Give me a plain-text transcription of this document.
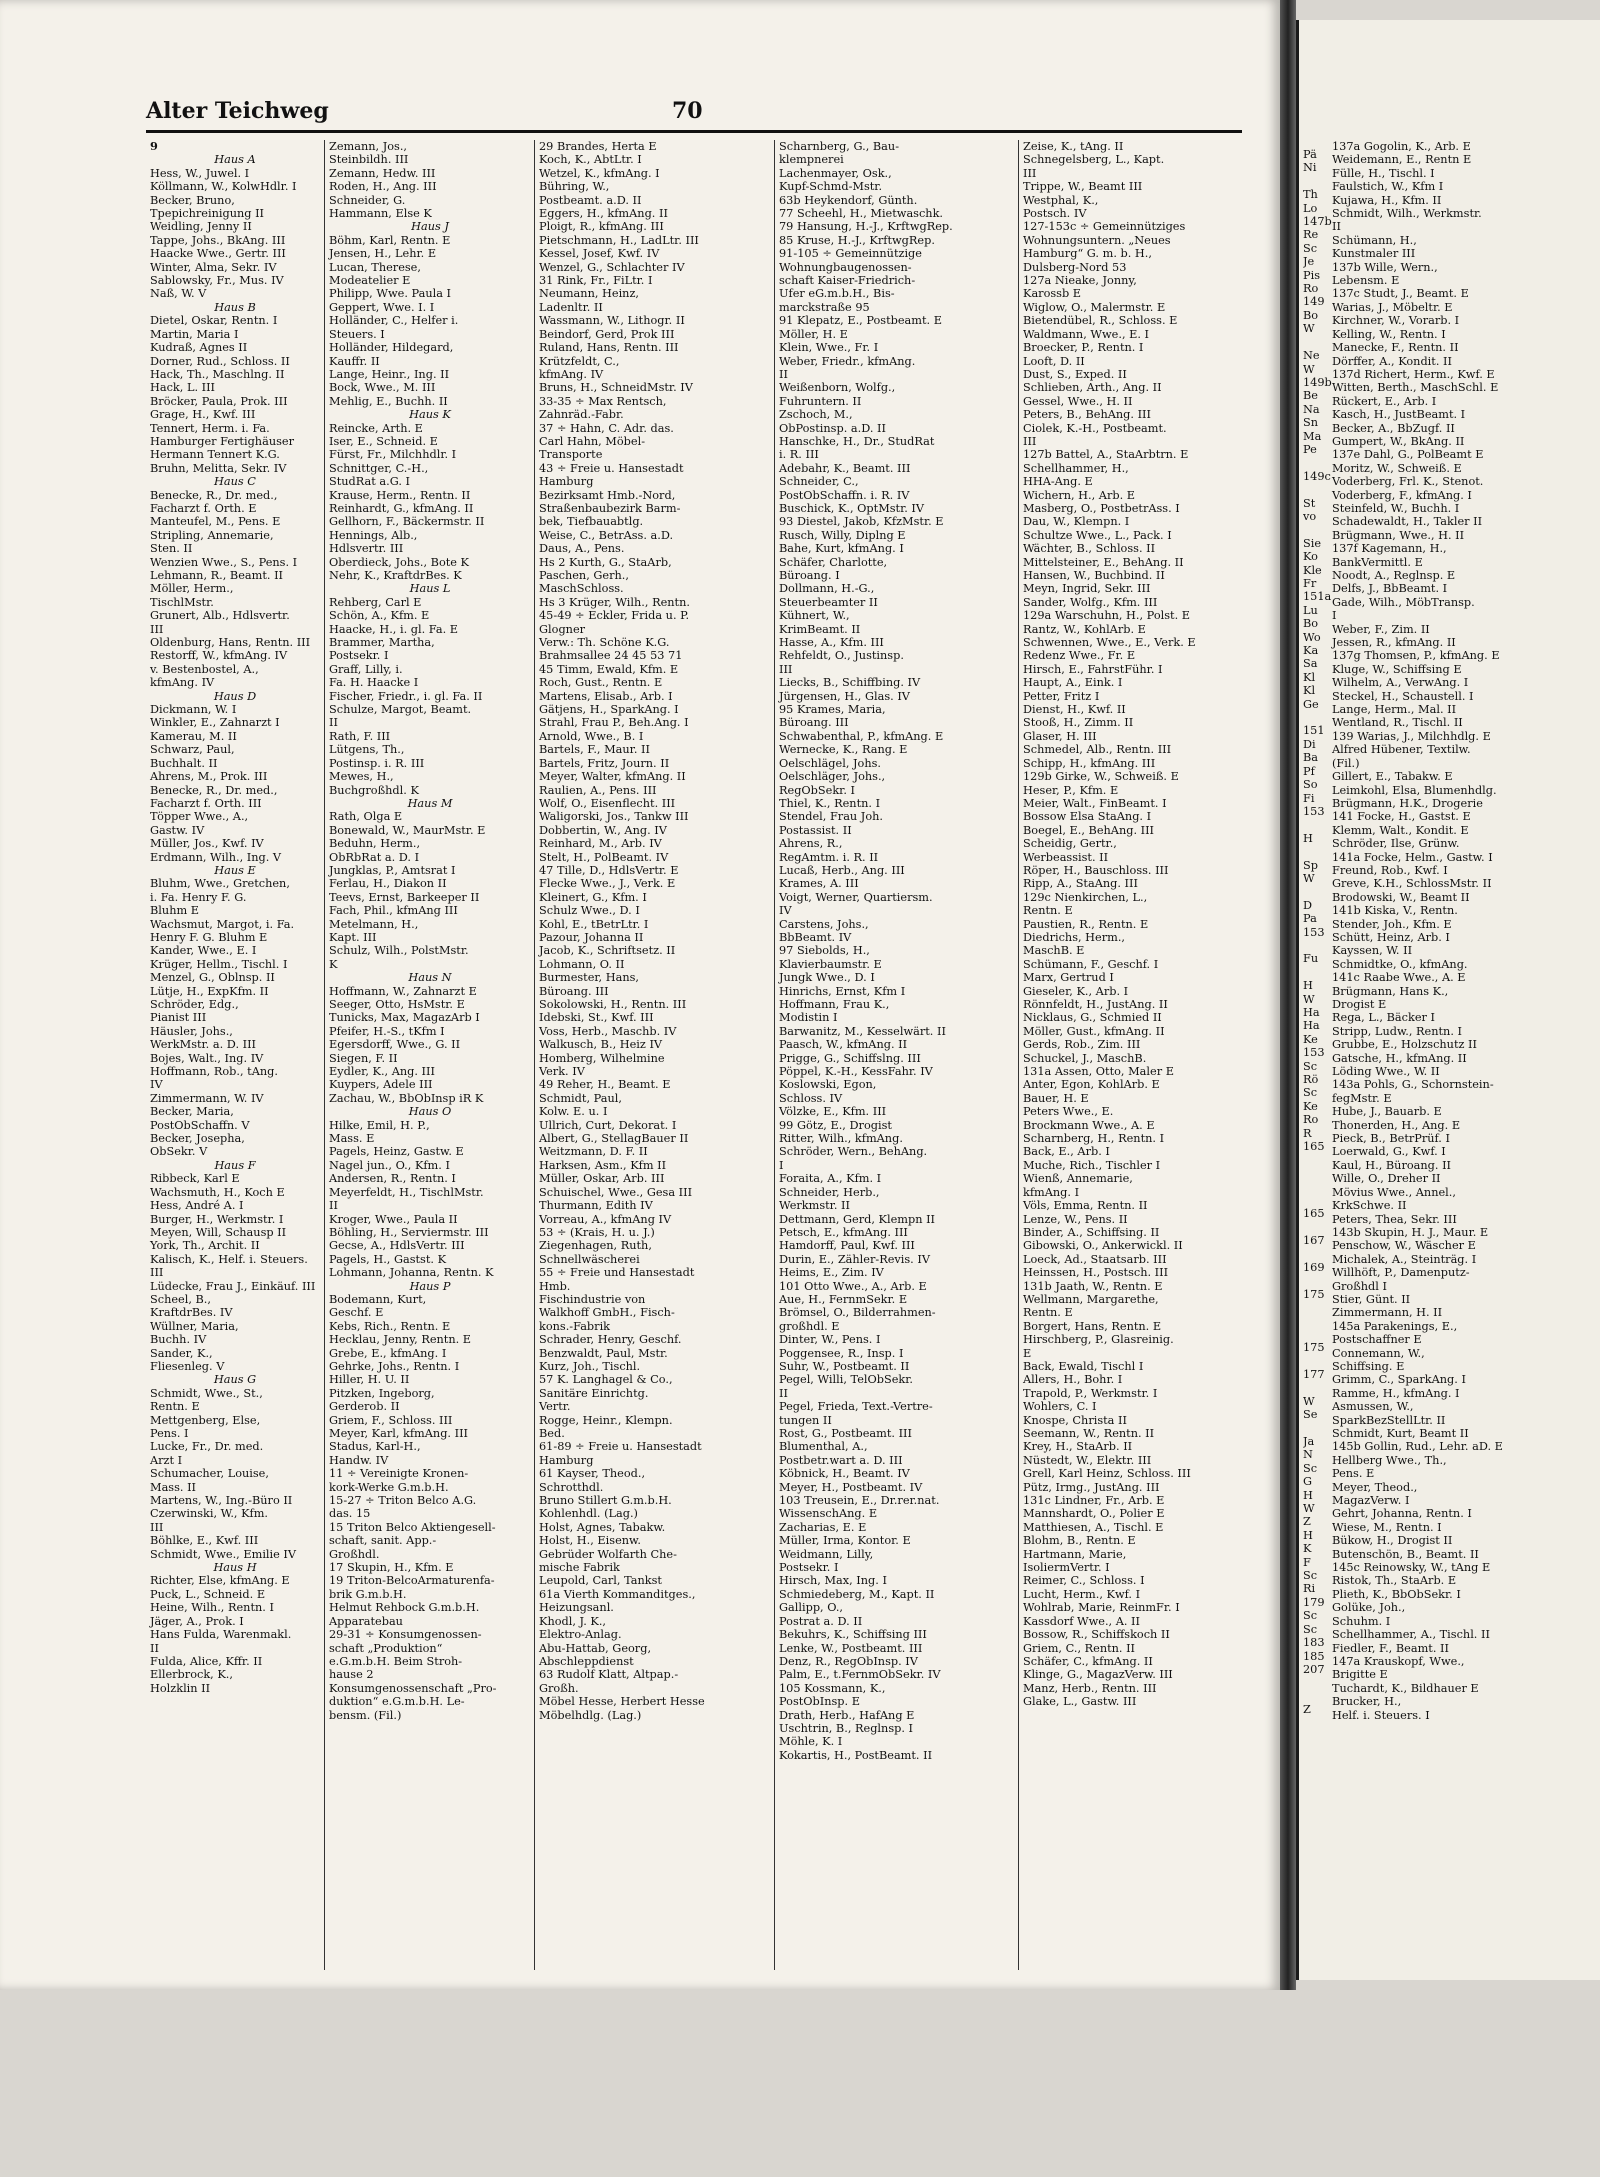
Pä
Ni

Th
Lo
147b
Re
Sc
Je
Pis
Ro
149
Bo
W

Ne
W
149b
Be
Na
Sn
Ma
Pe

149c

St
vo

Sie
Ko
Kle
Fr
151a
Lu
Bo
Wo
Ka
Sa
Kl
Kl
Ge

151
Di
Ba
Pf
So
Fi
153

H

Sp
W

D
Pa
153

Fu

H
W
Ha
Ha
Ke
153
Sc
Rö
Sc
Ke
Ro
R
165

165

167

169

175

175

177

W
Se

Ja
N
Sc
G
H
W
Z
H
K
F
Sc
Ri
179
Sc
Sc
183
185
207

Z
Alter Teichweg	70
9
Haus A
Hess, W., Juwel. I
Köllmann, W., KolwHdlr. I
Becker, Bruno,
Tpepichreinigung II
Weidling, Jenny II
Tappe, Johs., BkAng. III
Haacke Wwe., Gertr. III
Winter, Alma, Sekr. IV
Sablowsky, Fr., Mus. IV
Naß, W. V
Haus B
Dietel, Oskar, Rentn. I
Martin, Maria I
Kudraß, Agnes II
Dorner, Rud., Schloss. II
Hack, Th., Maschlng. II
Hack, L. III
Bröcker, Paula, Prok. III
Grage, H., Kwf. III
Tennert, Herm. i. Fa.
Hamburger Fertighäuser
Hermann Tennert K.G.
Bruhn, Melitta, Sekr. IV
Haus C
Benecke, R., Dr. med.,
Facharzt f. Orth. E
Manteufel, M., Pens. E
Stripling, Annemarie,
Sten. II
Wenzien Wwe., S., Pens. I
Lehmann, R., Beamt. II
Möller, Herm.,
TischlMstr.
Grunert, Alb., Hdlsvertr.
III
Oldenburg, Hans, Rentn. III
Restorff, W., kfmAng. IV
v. Bestenbostel, A.,
kfmAng. IV
Haus D
Dickmann, W. I
Winkler, E., Zahnarzt I
Kamerau, M. II
Schwarz, Paul,
Buchhalt. II
Ahrens, M., Prok. III
Benecke, R., Dr. med.,
Facharzt f. Orth. III
Töpper Wwe., A.,
Gastw. IV
Müller, Jos., Kwf. IV
Erdmann, Wilh., Ing. V
Haus E
Bluhm, Wwe., Gretchen,
i. Fa. Henry F. G.
Bluhm E
Wachsmut, Margot, i. Fa.
Henry F. G. Bluhm E
Kander, Wwe., E. I
Krüger, Hellm., Tischl. I
Menzel, G., Oblnsp. II
Lütje, H., ExpKfm. II
Schröder, Edg.,
Pianist III
Häusler, Johs.,
WerkMstr. a. D. III
Bojes, Walt., Ing. IV
Hoffmann, Rob., tAng.
IV
Zimmermann, W. IV
Becker, Maria,
PostObSchaffn. V
Becker, Josepha,
ObSekr. V
Haus F
Ribbeck, Karl E
Wachsmuth, H., Koch E
Hess, André A. I
Burger, H., Werkmstr. I
Meyen, Will, Schausp II
York, Th., Archit. II
Kalisch, K., Helf. i. Steuers.
III
Lüdecke, Frau J., Einkäuf. III
Scheel, B.,
KraftdrBes. IV
Wüllner, Maria,
Buchh. IV
Sander, K.,
Fliesenleg. V
Haus G
Schmidt, Wwe., St.,
Rentn. E
Mettgenberg, Else,
Pens. I
Lucke, Fr., Dr. med.
Arzt I
Schumacher, Louise,
Mass. II
Martens, W., Ing.-Büro II
Czerwinski, W., Kfm.
III
Böhlke, E., Kwf. III
Schmidt, Wwe., Emilie IV
Haus H
Richter, Else, kfmAng. E
Puck, L., Schneid. E
Heine, Wilh., Rentn. I
Jäger, A., Prok. I
Hans Fulda, Warenmakl.
II
Fulda, Alice, Kffr. II
Ellerbrock, K.,
Holzklin II
Zemann, Jos.,
Steinbildh. III
Zemann, Hedw. III
Roden, H., Ang. III
Schneider, G.
Hammann, Else K
Haus J
Böhm, Karl, Rentn. E
Jensen, H., Lehr. E
Lucan, Therese,
Modeatelier E
Philipp, Wwe. Paula I
Geppert, Wwe. I. I
Holländer, C., Helfer i.
Steuers. I
Holländer, Hildegard,
Kauffr. II
Lange, Heinr., Ing. II
Bock, Wwe., M. III
Mehlig, E., Buchh. II
Haus K
Reincke, Arth. E
Iser, E., Schneid. E
Fürst, Fr., Milchhdlr. I
Schnittger, C.-H.,
StudRat a.G. I
Krause, Herm., Rentn. II
Reinhardt, G., kfmAng. II
Gellhorn, F., Bäckermstr. II
Hennings, Alb.,
Hdlsvertr. III
Oberdieck, Johs., Bote K
Nehr, K., KraftdrBes. K
Haus L
Rehberg, Carl E
Schön, A., Kfm. E
Haacke, H., i. gl. Fa. E
Brammer, Martha,
Postsekr. I
Graff, Lilly, i.
Fa. H. Haacke I
Fischer, Friedr., i. gl. Fa. II
Schulze, Margot, Beamt.
II
Rath, F. III
Lütgens, Th.,
Postinsp. i. R. III
Mewes, H.,
Buchgroßhdl. K
Haus M
Rath, Olga E
Bonewald, W., MaurMstr. E
Beduhn, Herm.,
ObRbRat a. D. I
Jungklas, P., Amtsrat I
Ferlau, H., Diakon II
Teevs, Ernst, Barkeeper II
Fach, Phil., kfmAng III
Metelmann, H.,
Kapt. III
Schulz, Wilh., PolstMstr.
K
Haus N
Hoffmann, W., Zahnarzt E
Seeger, Otto, HsMstr. E
Tunicks, Max, MagazArb I
Pfeifer, H.-S., tKfm I
Egersdorff, Wwe., G. II
Siegen, F. II
Eydler, K., Ang. III
Kuypers, Adele III
Zachau, W., BbObInsp iR K
Haus O
Hilke, Emil, H. P.,
Mass. E
Pagels, Heinz, Gastw. E
Nagel jun., O., Kfm. I
Andersen, R., Rentn. I
Meyerfeldt, H., TischlMstr.
II
Kroger, Wwe., Paula II
Böhling, H., Serviermstr. III
Gecse, A., HdlsVertr. III
Pagels, H., Gastst. K
Lohmann, Johanna, Rentn. K
Haus P
Bodemann, Kurt,
Geschf. E
Kebs, Rich., Rentn. E
Hecklau, Jenny, Rentn. E
Grebe, E., kfmAng. I
Gehrke, Johs., Rentn. I
Hiller, H. U. II
Pitzken, Ingeborg,
Gerderob. II
Griem, F., Schloss. III
Meyer, Karl, kfmAng. III
Stadus, Karl-H.,
Handw. IV
11 ÷ Vereinigte Kronen-
kork-Werke G.m.b.H.
15-27 ÷ Triton Belco A.G.
das. 15
15 Triton Belco Aktiengesell-
schaft, sanit. App.-
Großhdl.
17 Skupin, H., Kfm. E
19 Triton-BelcoArmaturenfa-
brik G.m.b.H.
Helmut Rehbock G.m.b.H.
Apparatebau
29-31 ÷ Konsumgenossen-
schaft „Produktion“
e.G.m.b.H. Beim Stroh-
hause 2
Konsumgenossenschaft „Pro-
duktion“ e.G.m.b.H. Le-
bensm. (Fil.)
29 Brandes, Herta E
Koch, K., AbtLtr. I
Wetzel, K., kfmAng. I
Bühring, W.,
Postbeamt. a.D. II
Eggers, H., kfmAng. II
Ploigt, R., kfmAng. III
Pietschmann, H., LadLtr. III
Kessel, Josef, Kwf. IV
Wenzel, G., Schlachter IV
31 Rink, Fr., FiLtr. I
Neumann, Heinz,
Ladenltr. II
Wassmann, W., Lithogr. II
Beindorf, Gerd, Prok III
Ruland, Hans, Rentn. III
Krützfeldt, C.,
kfmAng. IV
Bruns, H., SchneidMstr. IV
33-35 ÷ Max Rentsch,
Zahnräd.-Fabr.
37 ÷ Hahn, C. Adr. das.
Carl Hahn, Möbel-
Transporte
43 ÷ Freie u. Hansestadt
Hamburg
Bezirksamt Hmb.-Nord,
Straßenbaubezirk Barm-
bek, Tiefbauabtlg.
Weise, C., BetrAss. a.D.
Daus, A., Pens.
Hs 2 Kurth, G., StaArb,
Paschen, Gerh.,
MaschSchloss.
Hs 3 Krüger, Wilh., Rentn.
45-49 ÷ Eckler, Frida u. P.
Glogner
Verw.: Th. Schöne K.G.
Brahmsallee 24 45 53 71
45 Timm, Ewald, Kfm. E
Roch, Gust., Rentn. E
Martens, Elisab., Arb. I
Gätjens, H., SparkAng. I
Strahl, Frau P., Beh.Ang. I
Arnold, Wwe., B. I
Bartels, F., Maur. II
Bartels, Fritz, Journ. II
Meyer, Walter, kfmAng. II
Raulien, A., Pens. III
Wolf, O., Eisenflecht. III
Waligorski, Jos., Tankw III
Dobbertin, W., Ang. IV
Reinhard, M., Arb. IV
Stelt, H., PolBeamt. IV
47 Tille, D., HdlsVertr. E
Flecke Wwe., J., Verk. E
Kleinert, G., Kfm. I
Schulz Wwe., D. I
Kohl, E., tBetrLtr. I
Pazour, Johanna II
Jacob, K., Schriftsetz. II
Lohmann, O. II
Burmester, Hans,
Büroang. III
Sokolowski, H., Rentn. III
Idebski, St., Kwf. III
Voss, Herb., Maschb. IV
Walkusch, B., Heiz IV
Homberg, Wilhelmine
Verk. IV
49 Reher, H., Beamt. E
Schmidt, Paul,
Kolw. E. u. I
Ullrich, Curt, Dekorat. I
Albert, G., StellagBauer II
Weitzmann, D. F. II
Harksen, Asm., Kfm II
Müller, Oskar, Arb. III
Schuischel, Wwe., Gesa III
Thurmann, Edith IV
Vorreau, A., kfmAng IV
53 ÷ (Krais, H. u. J.)
Ziegenhagen, Ruth,
Schnellwäscherei
55 ÷ Freie und Hansestadt
Hmb.
Fischindustrie von
Walkhoff GmbH., Fisch-
kons.-Fabrik
Schrader, Henry, Geschf.
Benzwaldt, Paul, Mstr.
Kurz, Joh., Tischl.
57 K. Langhagel & Co.,
Sanitäre Einrichtg.
Vertr.
Rogge, Heinr., Klempn.
Bed.
61-89 ÷ Freie u. Hansestadt
Hamburg
61 Kayser, Theod.,
Schrotthdl.
Bruno Stillert G.m.b.H.
Kohlenhdl. (Lag.)
Holst, Agnes, Tabakw.
Holst, H., Eisenw.
Gebrüder Wolfarth Che-
mische Fabrik
Leupold, Carl, Tankst
61a Vierth Kommanditges.,
Heizungsanl.
Khodl, J. K.,
Elektro-Anlag.
Abu-Hattab, Georg,
Abschleppdienst
63 Rudolf Klatt, Altpap.-
Großh.
Möbel Hesse, Herbert Hesse
Möbelhdlg. (Lag.)
Scharnberg, G., Bau-
klempnerei
Lachenmayer, Osk.,
Kupf-Schmd-Mstr.
63b Heykendorf, Günth.
77 Scheehl, H., Mietwaschk.
79 Hansung, H.-J., KrftwgRep.
85 Kruse, H.-J., KrftwgRep.
91-105 ÷ Gemeinnützige
Wohnungbaugenossen-
schaft Kaiser-Friedrich-
Ufer eG.m.b.H., Bis-
marckstraße 95
91 Klepatz, E., Postbeamt. E
Möller, H. E
Klein, Wwe., Fr. I
Weber, Friedr., kfmAng.
II
Weißenborn, Wolfg.,
Fuhruntern. II
Zschoch, M.,
ObPostinsp. a.D. II
Hanschke, H., Dr., StudRat
i. R. III
Adebahr, K., Beamt. III
Schneider, C.,
PostObSchaffn. i. R. IV
Buschick, K., OptMstr. IV
93 Diestel, Jakob, KfzMstr. E
Rusch, Willy, Diplng E
Bahe, Kurt, kfmAng. I
Schäfer, Charlotte,
Büroang. I
Dollmann, H.-G.,
Steuerbeamter II
Kühnert, W.,
KrimBeamt. II
Hasse, A., Kfm. III
Rehfeldt, O., Justinsp.
III
Liecks, B., Schiffbing. IV
Jürgensen, H., Glas. IV
95 Krames, Maria,
Büroang. III
Schwabenthal, P., kfmAng. E
Wernecke, K., Rang. E
Oelschlägel, Johs.
Oelschläger, Johs.,
RegObSekr. I
Thiel, K., Rentn. I
Stendel, Frau Joh.
Postassist. II
Ahrens, R.,
RegAmtm. i. R. II
Lucaß, Herb., Ang. III
Krames, A. III
Voigt, Werner, Quartiersm.
IV
Carstens, Johs.,
BbBeamt. IV
97 Siebolds, H.,
Klavierbaumstr. E
Jungk Wwe., D. I
Hinrichs, Ernst, Kfm I
Hoffmann, Frau K.,
Modistin I
Barwanitz, M., Kesselwärt. II
Paasch, W., kfmAng. II
Prigge, G., Schiffslng. III
Pöppel, K.-H., KessFahr. IV
Koslowski, Egon,
Schloss. IV
Völzke, E., Kfm. III
99 Götz, E., Drogist
Ritter, Wilh., kfmAng.
Schröder, Wern., BehAng.
I
Foraita, A., Kfm. I
Schneider, Herb.,
Werkmstr. II
Dettmann, Gerd, Klempn II
Petsch, E., kfmAng. III
Hamdorff, Paul, Kwf. III
Durin, E., Zähler-Revis. IV
Heims, E., Zim. IV
101 Otto Wwe., A., Arb. E
Aue, H., FernmSekr. E
Brömsel, O., Bilderrahmen-
großhdl. E
Dinter, W., Pens. I
Poggensee, R., Insp. I
Suhr, W., Postbeamt. II
Pegel, Willi, TelObSekr.
II
Pegel, Frieda, Text.-Vertre-
tungen II
Rost, G., Postbeamt. III
Blumenthal, A.,
Postbetr.wart a. D. III
Köbnick, H., Beamt. IV
Meyer, H., Postbeamt. IV
103 Treusein, E., Dr.rer.nat.
WissenschAng. E
Zacharias, E. E
Müller, Irma, Kontor. E
Weidmann, Lilly,
Postsekr. I
Hirsch, Max, Ing. I
Schmiedeberg, M., Kapt. II
Gallipp, O.,
Postrat a. D. II
Bekuhrs, K., Schiffsing III
Lenke, W., Postbeamt. III
Denz, R., RegObInsp. IV
Palm, E., t.FernmObSekr. IV
105 Kossmann, K.,
PostObInsp. E
Drath, Herb., HafAng E
Uschtrin, B., Reglnsp. I
Möhle, K. I
Kokartis, H., PostBeamt. II
Zeise, K., tAng. II
Schnegelsberg, L., Kapt.
III
Trippe, W., Beamt III
Westphal, K.,
Postsch. IV
127-153c ÷ Gemeinnütziges
Wohnungsuntern. „Neues
Hamburg“ G. m. b. H.,
Dulsberg-Nord 53
127a Nieake, Jonny,
Karossb E
Wiglow, O., Malermstr. E
Bietendübel, R., Schloss. E
Waldmann, Wwe., E. I
Broecker, P., Rentn. I
Looft, D. II
Dust, S., Exped. II
Schlieben, Arth., Ang. II
Gessel, Wwe., H. II
Peters, B., BehAng. III
Ciolek, K.-H., Postbeamt.
III
127b Battel, A., StaArbtrn. E
Schellhammer, H.,
HHA-Ang. E
Wichern, H., Arb. E
Masberg, O., PostbetrAss. I
Dau, W., Klempn. I
Schultze Wwe., L., Pack. I
Wächter, B., Schloss. II
Mittelsteiner, E., BehAng. II
Hansen, W., Buchbind. II
Meyn, Ingrid, Sekr. III
Sander, Wolfg., Kfm. III
129a Warschuhn, H., Polst. E
Rantz, W., KohlArb. E
Schwennen, Wwe., E., Verk. E
Redenz Wwe., Fr. E
Hirsch, E., FahrstFühr. I
Haupt, A., Eink. I
Petter, Fritz I
Dienst, H., Kwf. II
Stooß, H., Zimm. II
Glaser, H. III
Schmedel, Alb., Rentn. III
Schipp, H., kfmAng. III
129b Girke, W., Schweiß. E
Heser, P., Kfm. E
Meier, Walt., FinBeamt. I
Bossow Elsa StaAng. I
Boegel, E., BehAng. III
Scheidig, Gertr.,
Werbeassist. II
Röper, H., Bauschloss. III
Ripp, A., StaAng. III
129c Nienkirchen, L.,
Rentn. E
Paustien, R., Rentn. E
Diedrichs, Herm.,
MaschB. E
Schümann, F., Geschf. I
Marx, Gertrud I
Gieseler, K., Arb. I
Rönnfeldt, H., JustAng. II
Nicklaus, G., Schmied II
Möller, Gust., kfmAng. II
Gerds, Rob., Zim. III
Schuckel, J., MaschB.
131a Assen, Otto, Maler E
Anter, Egon, KohlArb. E
Bauer, H. E
Peters Wwe., E.
Brockmann Wwe., A. E
Scharnberg, H., Rentn. I
Back, E., Arb. I
Muche, Rich., Tischler I
Wienß, Annemarie,
kfmAng. I
Völs, Emma, Rentn. II
Lenze, W., Pens. II
Binder, A., Schiffsing. II
Gibowski, O., Ankerwickl. II
Loeck, Ad., Staatsarb. III
Heinssen, H., Postsch. III
131b Jaath, W., Rentn. E
Wellmann, Margarethe,
Rentn. E
Borgert, Hans, Rentn. E
Hirschberg, P., Glasreinig.
E
Back, Ewald, Tischl I
Allers, H., Bohr. I
Trapold, P., Werkmstr. I
Wohlers, C. I
Knospe, Christa II
Seemann, W., Rentn. II
Krey, H., StaArb. II
Nüstedt, W., Elektr. III
Grell, Karl Heinz, Schloss. III
Pütz, Irmg., JustAng. III
131c Lindner, Fr., Arb. E
Mannshardt, O., Polier E
Matthiesen, A., Tischl. E
Blohm, B., Rentn. E
Hartmann, Marie,
IsoliermVertr. I
Reimer, C., Schloss. I
Lucht, Herm., Kwf. I
Wohlrab, Marie, ReinmFr. I
Kassdorf Wwe., A. II
Bossow, R., Schiffskoch II
Griem, C., Rentn. II
Schäfer, C., kfmAng. II
Klinge, G., MagazVerw. III
Manz, Herb., Rentn. III
Glake, L., Gastw. III
137a Gogolin, K., Arb. E
Weidemann, E., Rentn E
Fülle, H., Tischl. I
Faulstich, W., Kfm I
Kujawa, H., Kfm. II
Schmidt, Wilh., Werkmstr.
II
Schümann, H.,
Kunstmaler III
137b Wille, Wern.,
Lebensm. E
137c Studt, J., Beamt. E
Warias, J., Möbeltr. E
Kirchner, W., Vorarb. I
Kelling, W., Rentn. I
Manecke, F., Rentn. II
Dörffer, A., Kondit. II
137d Richert, Herm., Kwf. E
Witten, Berth., MaschSchl. E
Rückert, E., Arb. I
Kasch, H., JustBeamt. I
Becker, A., BbZugf. II
Gumpert, W., BkAng. II
137e Dahl, G., PolBeamt E
Moritz, W., Schweiß. E
Voderberg, Frl. K., Stenot.
Voderberg, F., kfmAng. I
Steinfeld, W., Buchh. I
Schadewaldt, H., Takler II
Brügmann, Wwe., H. II
137f Kagemann, H.,
BankVermittl. E
Noodt, A., Reglnsp. E
Delfs, J., BbBeamt. I
Gade, Wilh., MöbTransp.
I
Weber, F., Zim. II
Jessen, R., kfmAng. II
137g Thomsen, P., kfmAng. E
Kluge, W., Schiffsing E
Wilhelm, A., VerwAng. I
Steckel, H., Schaustell. I
Lange, Herm., Mal. II
Wentland, R., Tischl. II
139 Warias, J., Milchhdlg. E
Alfred Hübener, Textilw.
(Fil.)
Gillert, E., Tabakw. E
Leimkohl, Elsa, Blumenhdlg.
Brügmann, H.K., Drogerie
141 Focke, H., Gastst. E
Klemm, Walt., Kondit. E
Schröder, Ilse, Grünw.
141a Focke, Helm., Gastw. I
Freund, Rob., Kwf. I
Greve, K.H., SchlossMstr. II
Brodowski, W., Beamt II
141b Kiska, V., Rentn.
Stender, Joh., Kfm. E
Schütt, Heinz, Arb. I
Kayssen, W. II
Schmidtke, O., kfmAng.
141c Raabe Wwe., A. E
Brügmann, Hans K.,
Drogist E
Rega, L., Bäcker I
Stripp, Ludw., Rentn. I
Grubbe, E., Holzschutz II
Gatsche, H., kfmAng. II
Löding Wwe., W. II
143a Pohls, G., Schornstein-
fegMstr. E
Hube, J., Bauarb. E
Thonerden, H., Ang. E
Pieck, B., BetrPrüf. I
Loerwald, G., Kwf. I
Kaul, H., Büroang. II
Wille, O., Dreher II
Mövius Wwe., Annel.,
KrkSchwe. II
Peters, Thea, Sekr. III
143b Skupin, H. J., Maur. E
Penschow, W., Wäscher E
Michalek, A., Steinträg. I
Willhöft, P., Damenputz-
Großhdl I
Stier, Günt. II
Zimmermann, H. II
145a Parakenings, E.,
Postschaffner E
Connemann, W.,
Schiffsing. E
Grimm, C., SparkAng. I
Ramme, H., kfmAng. I
Asmussen, W.,
SparkBezStellLtr. II
Schmidt, Kurt, Beamt II
145b Gollin, Rud., Lehr. aD. E
Hellberg Wwe., Th.,
Pens. E
Meyer, Theod.,
MagazVerw. I
Gehrt, Johanna, Rentn. I
Wiese, M., Rentn. I
Bükow, H., Drogist II
Butenschön, B., Beamt. II
145c Reinowsky, W., tAng E
Ristok, Th., StaArb. E
Plieth, K., BbObSekr. I
Golüke, Joh.,
Schuhm. I
Schellhammer, A., Tischl. II
Fiedler, F., Beamt. II
147a Krauskopf, Wwe.,
Brigitte E
Tuchardt, K., Bildhauer E
Brucker, H.,
Helf. i. Steuers. I
